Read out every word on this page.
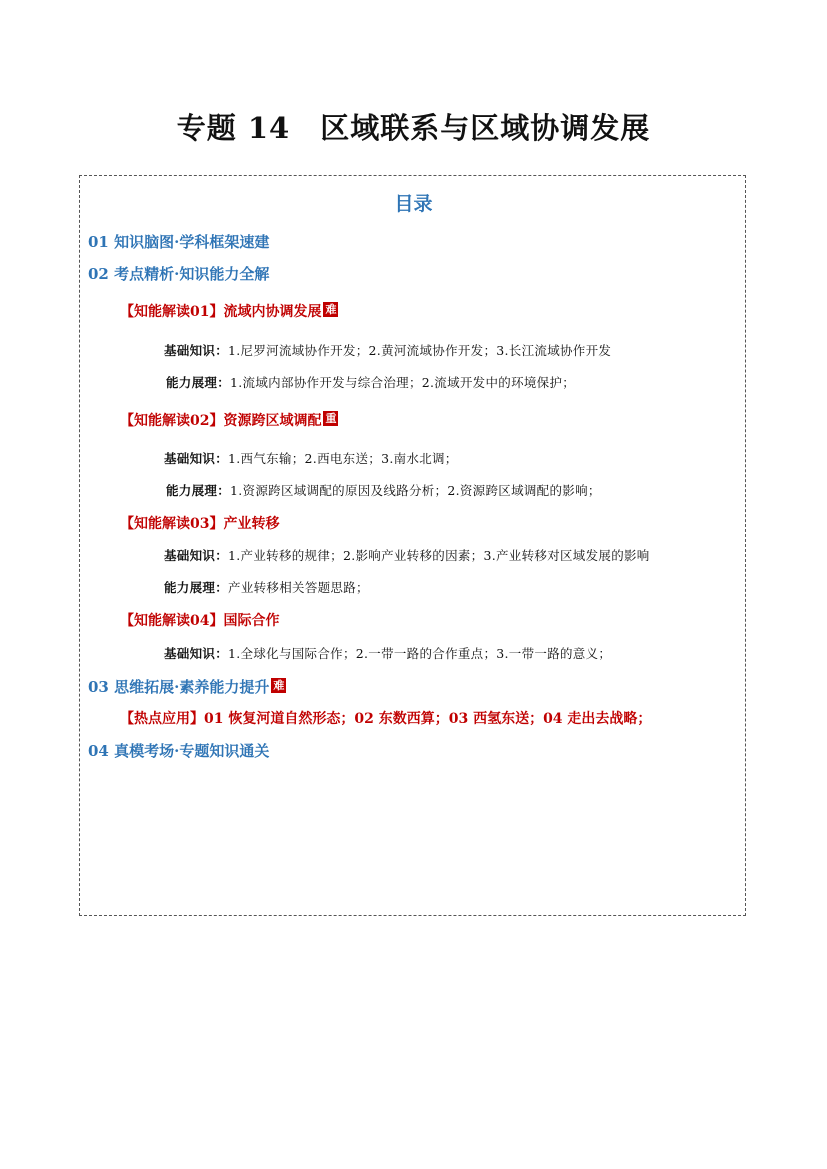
专题 14　区域联系与区域协调发展
目录
01 知识脑图·学科框架速建
02 考点精析·知识能力全解
【知能解读01】流域内协调发展 难
基础知识：1.尼罗河流域协作开发；2.黄河流域协作开发；3.长江流域协作开发
能力展理：1.流域内部协作开发与综合治理；2.流域开发中的环境保护；
【知能解读02】资源跨区域调配 重
基础知识：1.西气东输；2.西电东送；3.南水北调；
能力展理：1.资源跨区域调配的原因及线路分析；2.资源跨区域调配的影响；
【知能解读03】产业转移
基础知识：1.产业转移的规律；2.影响产业转移的因素；3.产业转移对区域发展的影响
能力展理：产业转移相关答题思路；
【知能解读04】国际合作
基础知识：1.全球化与国际合作；2.一带一路的合作重点；3.一带一路的意义；
03 思维拓展·素养能力提升 难
【热点应用】01 恢复河道自然形态；02 东数西算；03 西氢东送；04 走出去战略；
04 真模考场·专题知识通关
